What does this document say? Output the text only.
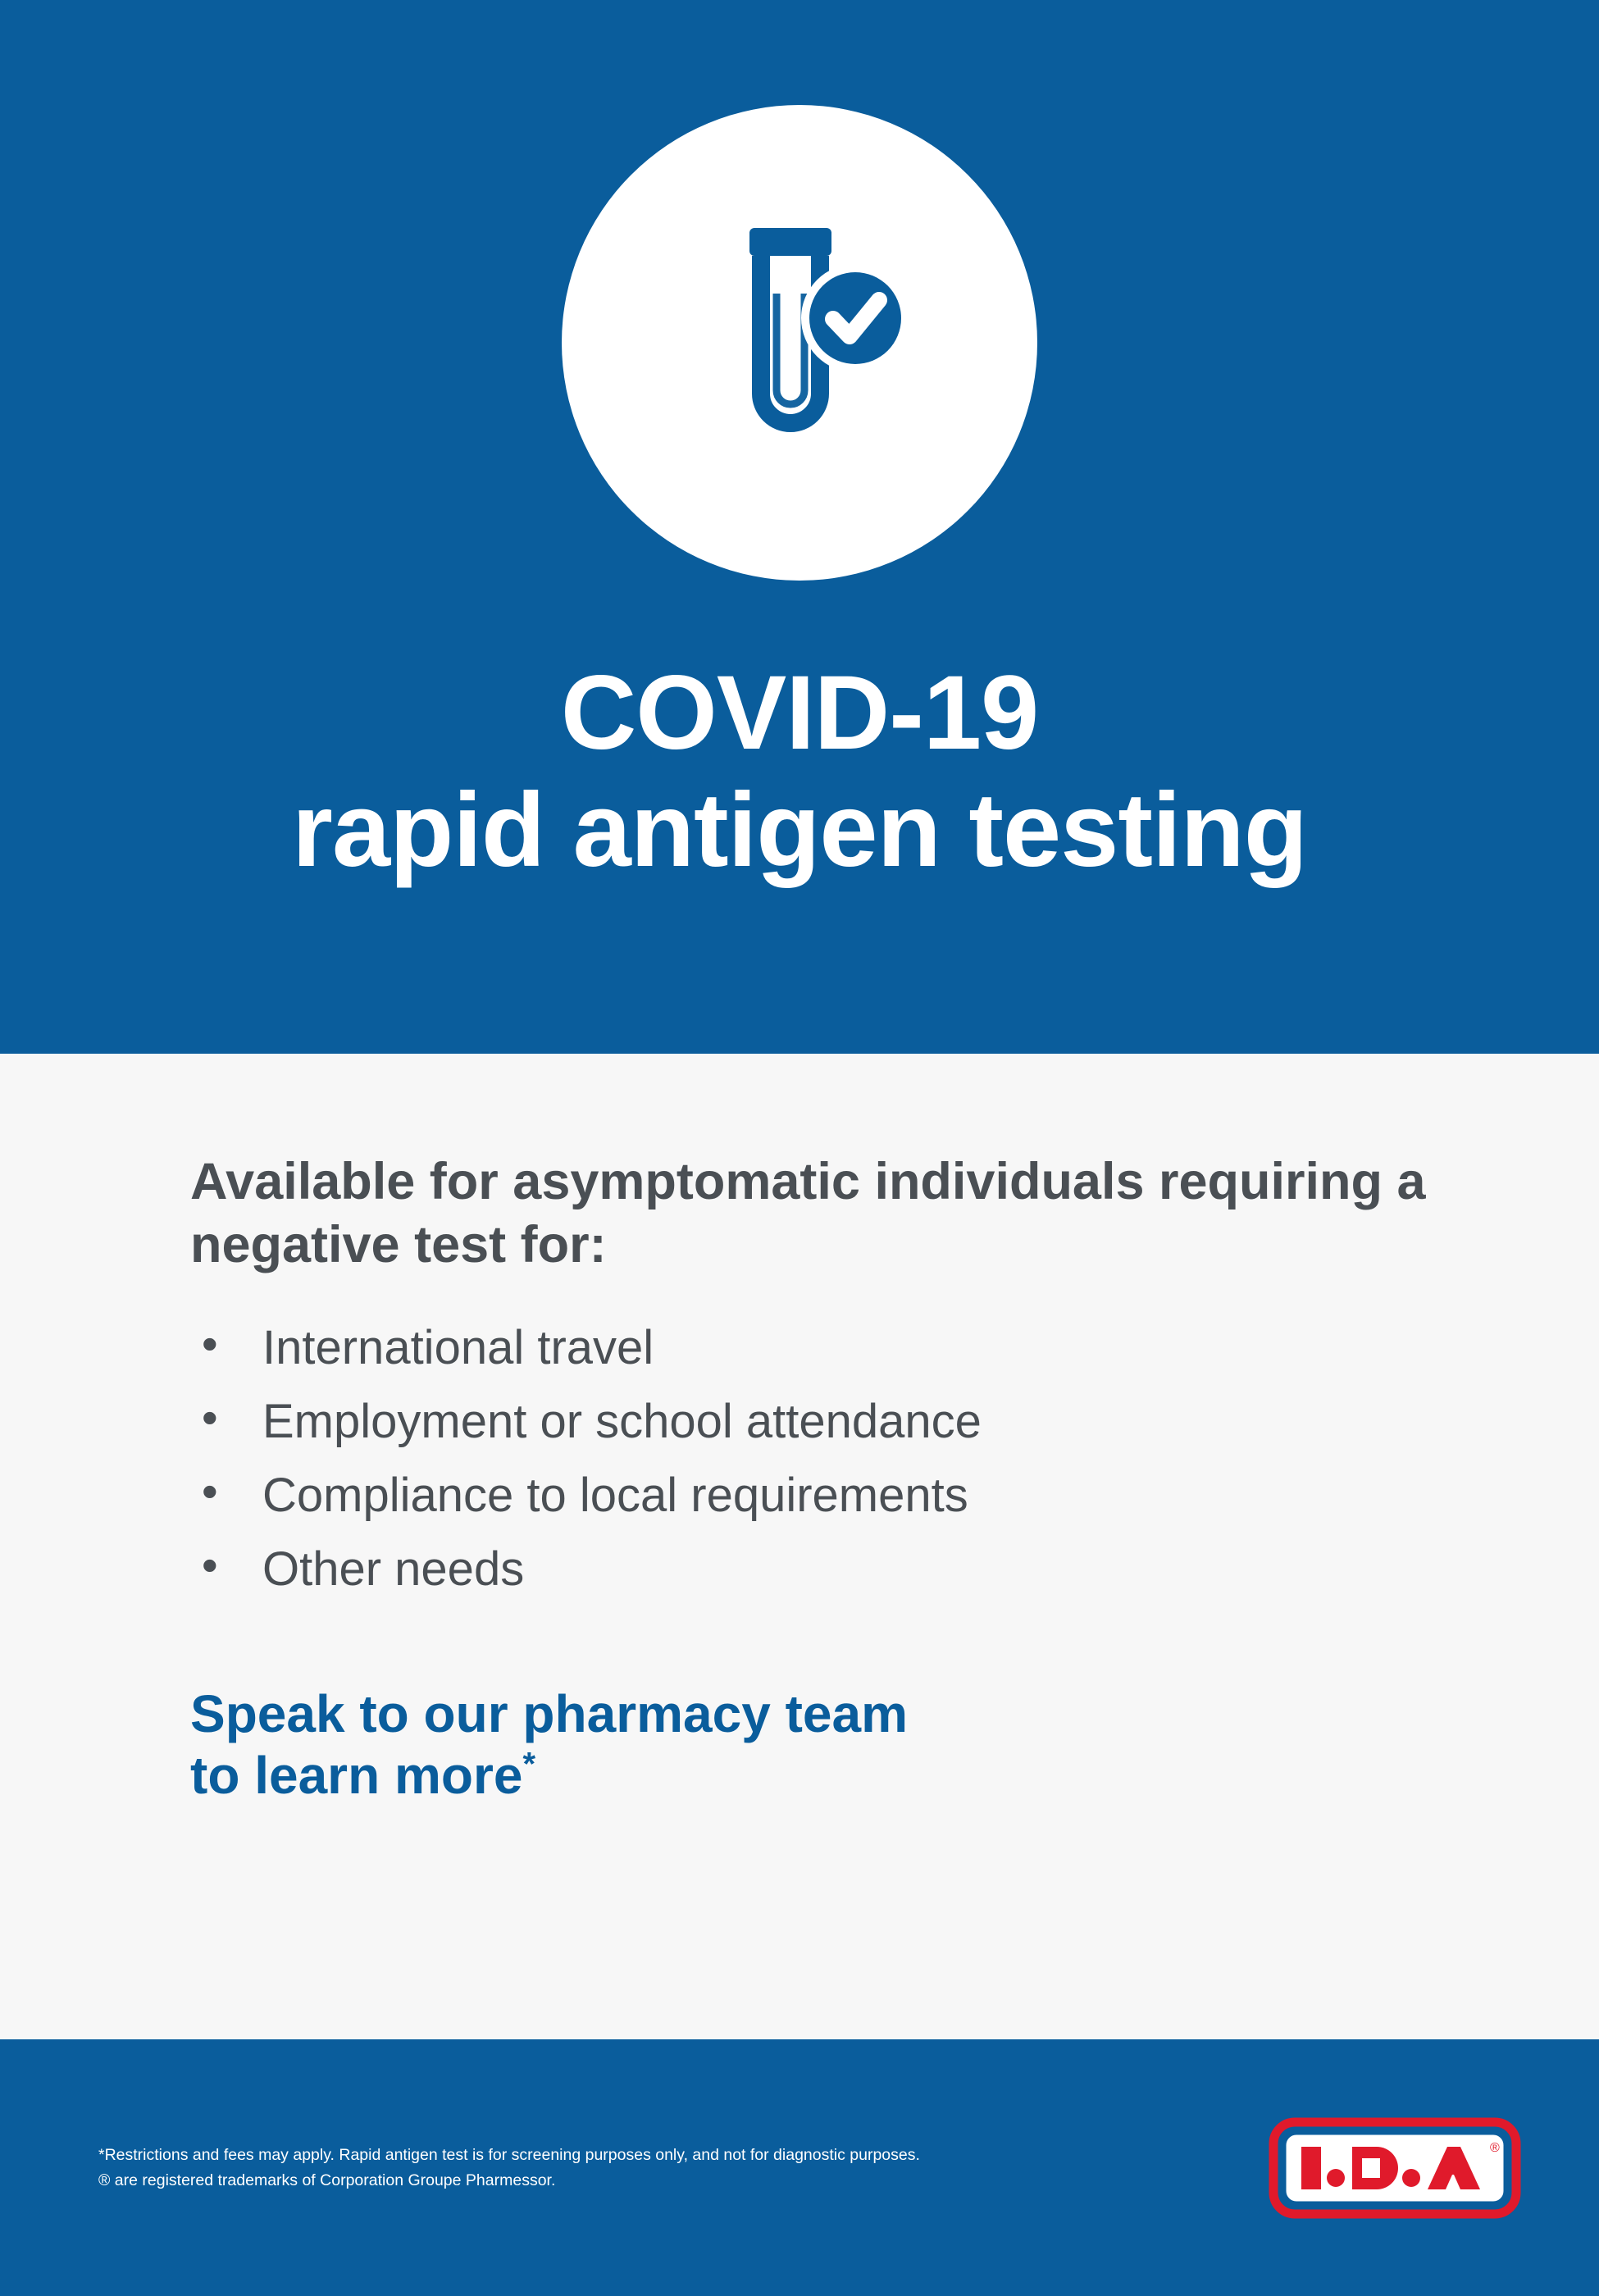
COVID-19
rapid antigen testing

Available for asymptomatic individuals requiring a negative test for:

• International travel
• Employment or school attendance
• Compliance to local requirements
• Other needs
Speak to our pharmacy team
to learn more*
*Restrictions and fees may apply. Rapid antigen test is for screening purposes only, and not for diagnostic purposes. ® are registered trademarks of Corporation Groupe Pharmessor.
®
